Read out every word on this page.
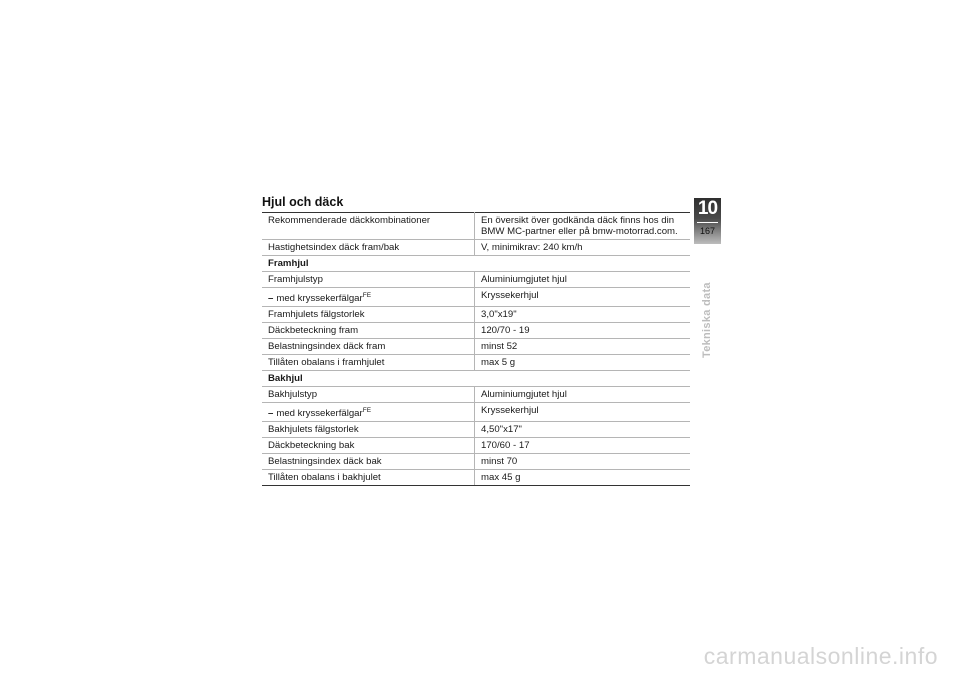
Hjul och däck
Rekommenderade däckkombinationer	En översikt över godkända däck finns hos din
BMW MC-partner eller på bmw-motorrad.com.
Hastighetsindex däck fram/bak	V, minimikrav: 240 km/h
Framhjul	
Framhjulstyp	Aluminiumgjutet hjul
– med kryssekerfälgar$^{FE}$	Kryssekerhjul
Framhjulets fälgstorlek	3,0"x19"
Däckbeteckning fram	120/70 - 19
Belastningsindex däck fram	minst 52
Tillåten obalans i framhjulet	max 5 g
Bakhjul	
Bakhjulstyp	Aluminiumgjutet hjul
– med kryssekerfälgar$^{FE}$	Kryssekerhjul
Bakhjulets fälgstorlek	4,50"x17"
Däckbeteckning bak	170/60 - 17
Belastningsindex däck bak	minst 70
Tillåten obalans i bakhjulet	max 45 g
10
167
Tekniska data
carmanualsonline.info
